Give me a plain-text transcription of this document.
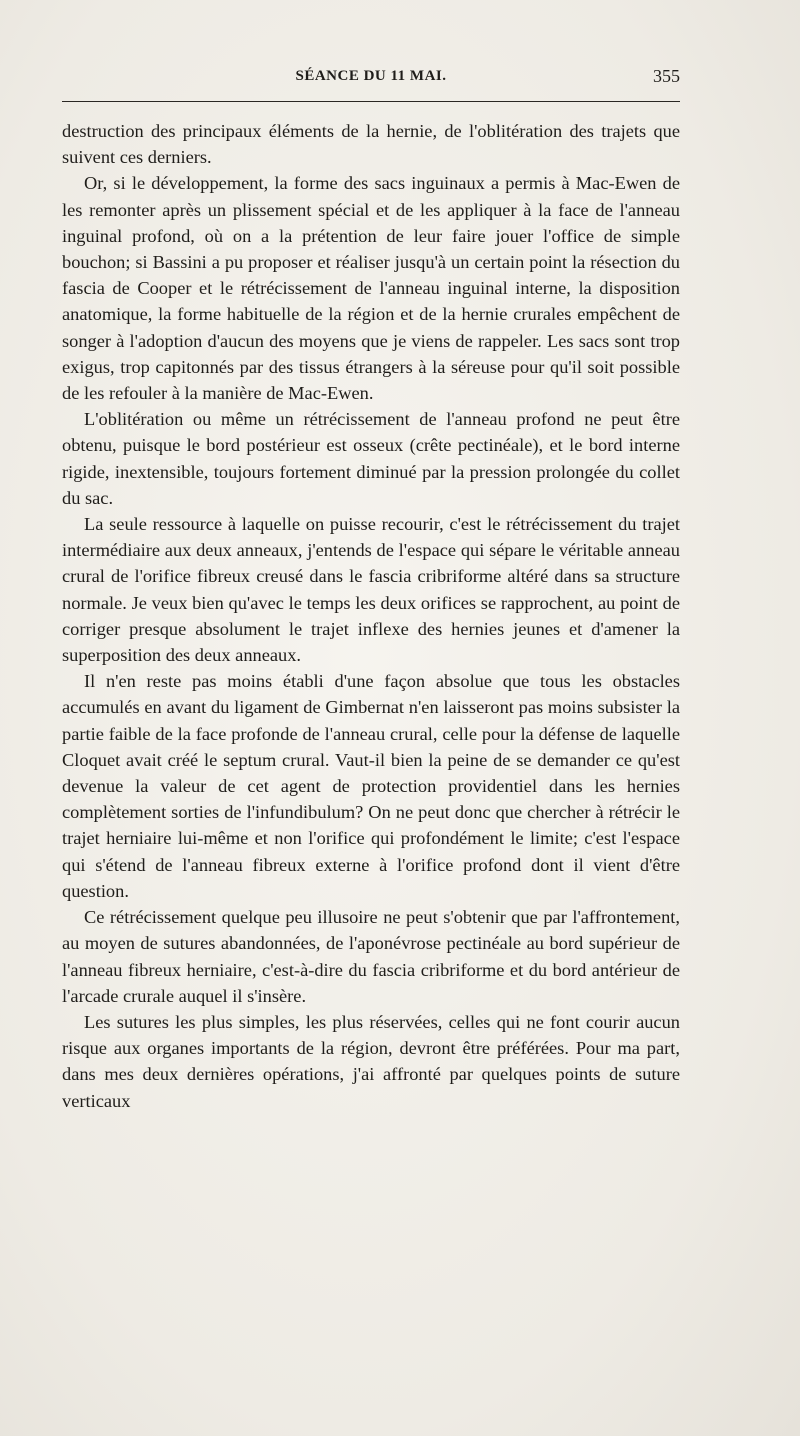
SÉANCE DU 11 MAI.	355

destruction des principaux éléments de la hernie, de l'oblitération des trajets que suivent ces derniers.

Or, si le développement, la forme des sacs inguinaux a permis à Mac-Ewen de les remonter après un plissement spécial et de les appliquer à la face de l'anneau inguinal profond, où on a la prétention de leur faire jouer l'office de simple bouchon; si Bassini a pu proposer et réaliser jusqu'à un certain point la résection du fascia de Cooper et le rétrécissement de l'anneau inguinal interne, la disposition anatomique, la forme habituelle de la région et de la hernie crurales empêchent de songer à l'adoption d'aucun des moyens que je viens de rappeler. Les sacs sont trop exigus, trop capitonnés par des tissus étrangers à la séreuse pour qu'il soit possible de les refouler à la manière de Mac-Ewen.

L'oblitération ou même un rétrécissement de l'anneau profond ne peut être obtenu, puisque le bord postérieur est osseux (crête pectinéale), et le bord interne rigide, inextensible, toujours fortement diminué par la pression prolongée du collet du sac.

La seule ressource à laquelle on puisse recourir, c'est le rétrécissement du trajet intermédiaire aux deux anneaux, j'entends de l'espace qui sépare le véritable anneau crural de l'orifice fibreux creusé dans le fascia cribriforme altéré dans sa structure normale. Je veux bien qu'avec le temps les deux orifices se rapprochent, au point de corriger presque absolument le trajet inflexe des hernies jeunes et d'amener la superposition des deux anneaux.

Il n'en reste pas moins établi d'une façon absolue que tous les obstacles accumulés en avant du ligament de Gimbernat n'en laisseront pas moins subsister la partie faible de la face profonde de l'anneau crural, celle pour la défense de laquelle Cloquet avait créé le septum crural. Vaut-il bien la peine de se demander ce qu'est devenue la valeur de cet agent de protection providentiel dans les hernies complètement sorties de l'infundibulum? On ne peut donc que chercher à rétrécir le trajet herniaire lui-même et non l'orifice qui profondément le limite; c'est l'espace qui s'étend de l'anneau fibreux externe à l'orifice profond dont il vient d'être question.

Ce rétrécissement quelque peu illusoire ne peut s'obtenir que par l'affrontement, au moyen de sutures abandonnées, de l'aponévrose pectinéale au bord supérieur de l'anneau fibreux herniaire, c'est-à-dire du fascia cribriforme et du bord antérieur de l'arcade crurale auquel il s'insère.

Les sutures les plus simples, les plus réservées, celles qui ne font courir aucun risque aux organes importants de la région, devront être préférées. Pour ma part, dans mes deux dernières opérations, j'ai affronté par quelques points de suture verticaux
